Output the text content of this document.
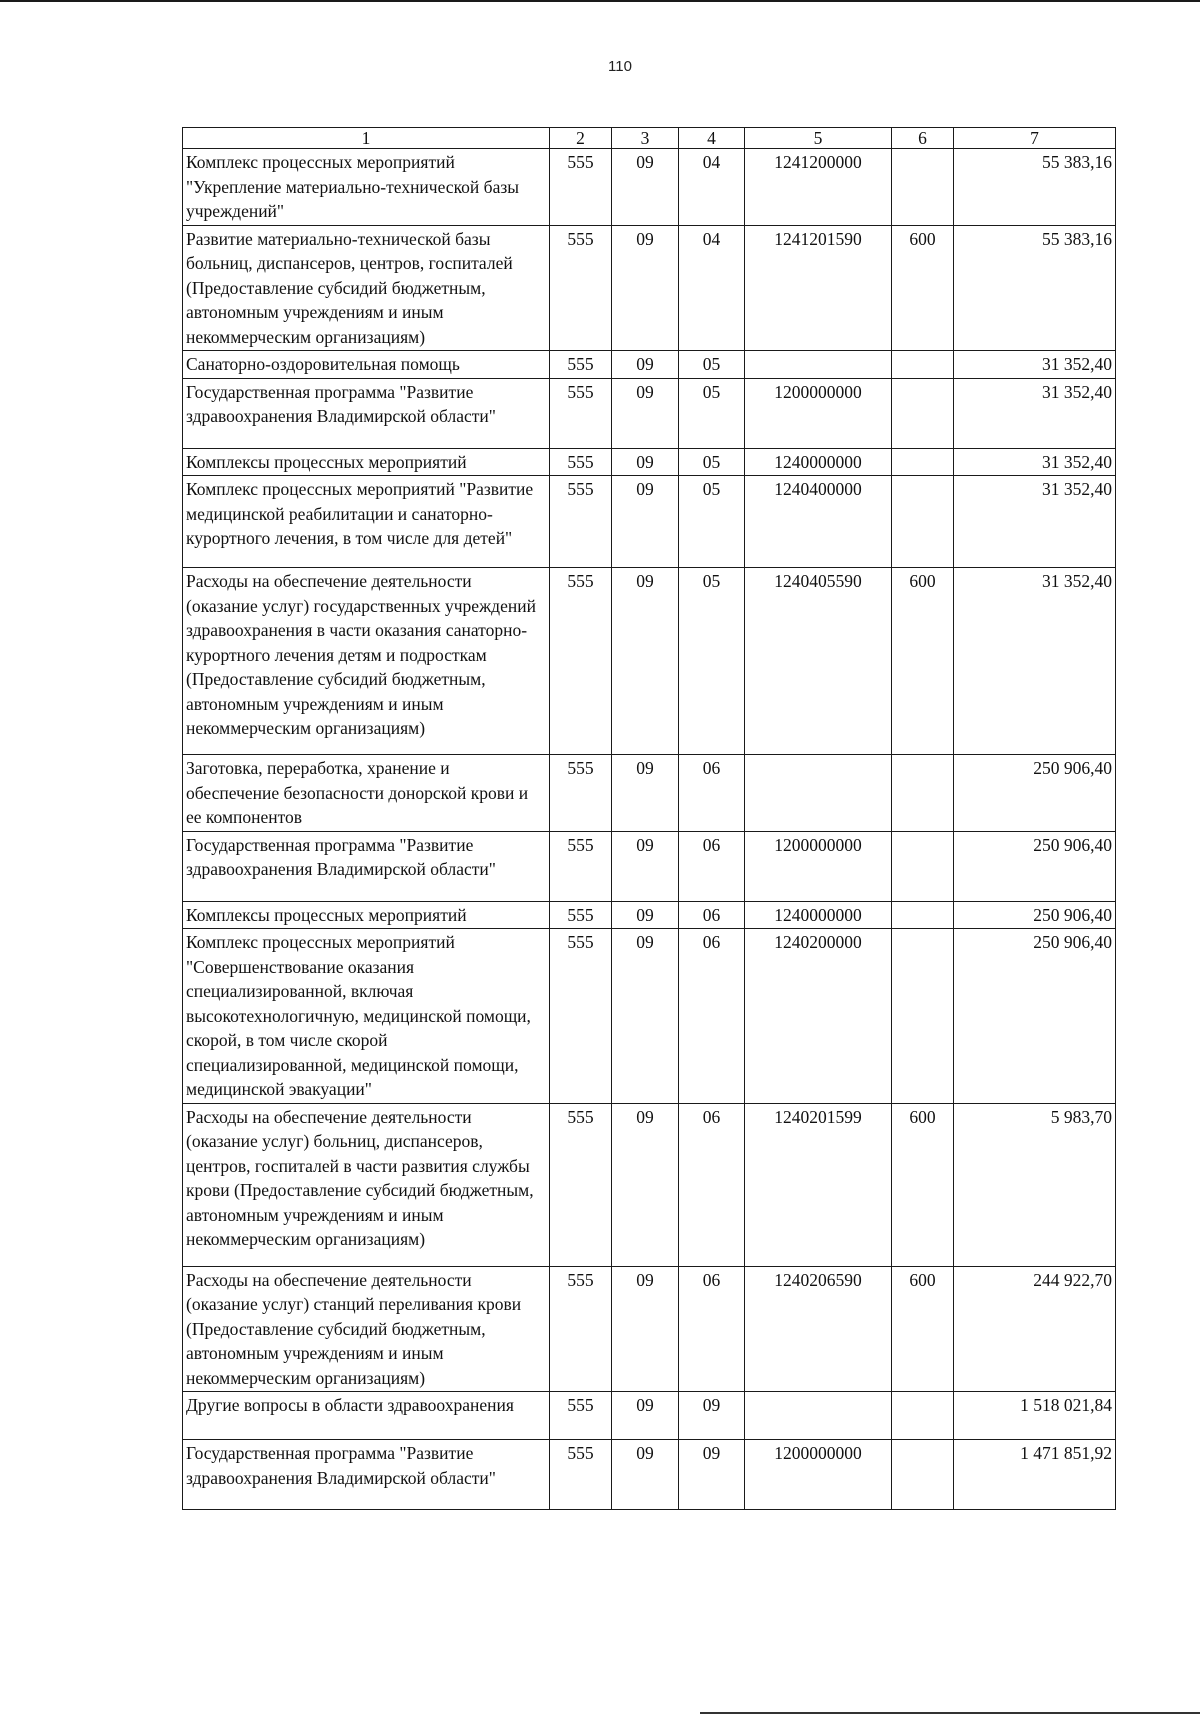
110
1	2	3	4	5	6	7
Комплекс процессных мероприятий "Укрепление материально-технической базы учреждений"	555	09	04	1241200000		55 383,16
Развитие материально-технической базы больниц, диспансеров, центров, госпиталей (Предоставление субсидий бюджетным, автономным учреждениям и иным некоммерческим организациям)	555	09	04	1241201590	600	55 383,16
Санаторно-оздоровительная помощь	555	09	05			31 352,40
Государственная программа "Развитие здравоохранения Владимирской области"	555	09	05	1200000000		31 352,40
Комплексы процессных мероприятий	555	09	05	1240000000		31 352,40
Комплекс процессных мероприятий "Развитие медицинской реабилитации и санаторно-курортного лечения, в том числе для детей"	555	09	05	1240400000		31 352,40
Расходы на обеспечение деятельности (оказание услуг) государственных учреждений здравоохранения в части оказания санаторно-курортного лечения детям и подросткам (Предоставление субсидий бюджетным, автономным учреждениям и иным некоммерческим организациям)	555	09	05	1240405590	600	31 352,40
Заготовка, переработка, хранение и обеспечение безопасности донорской крови и ее компонентов	555	09	06			250 906,40
Государственная программа "Развитие здравоохранения Владимирской области"	555	09	06	1200000000		250 906,40
Комплексы процессных мероприятий	555	09	06	1240000000		250 906,40
Комплекс процессных мероприятий "Совершенствование оказания специализированной, включая высокотехнологичную, медицинской помощи, скорой, в том числе скорой специализированной, медицинской помощи, медицинской эвакуации"	555	09	06	1240200000		250 906,40
Расходы на обеспечение деятельности (оказание услуг) больниц, диспансеров, центров, госпиталей в части развития службы крови (Предоставление субсидий бюджетным, автономным учреждениям и иным некоммерческим организациям)	555	09	06	1240201599	600	5 983,70
Расходы на обеспечение деятельности (оказание услуг) станций переливания крови (Предоставление субсидий бюджетным, автономным учреждениям и иным некоммерческим организациям)	555	09	06	1240206590	600	244 922,70
Другие вопросы в области здравоохранения	555	09	09			1 518 021,84
Государственная программа "Развитие здравоохранения Владимирской области"	555	09	09	1200000000		1 471 851,92
